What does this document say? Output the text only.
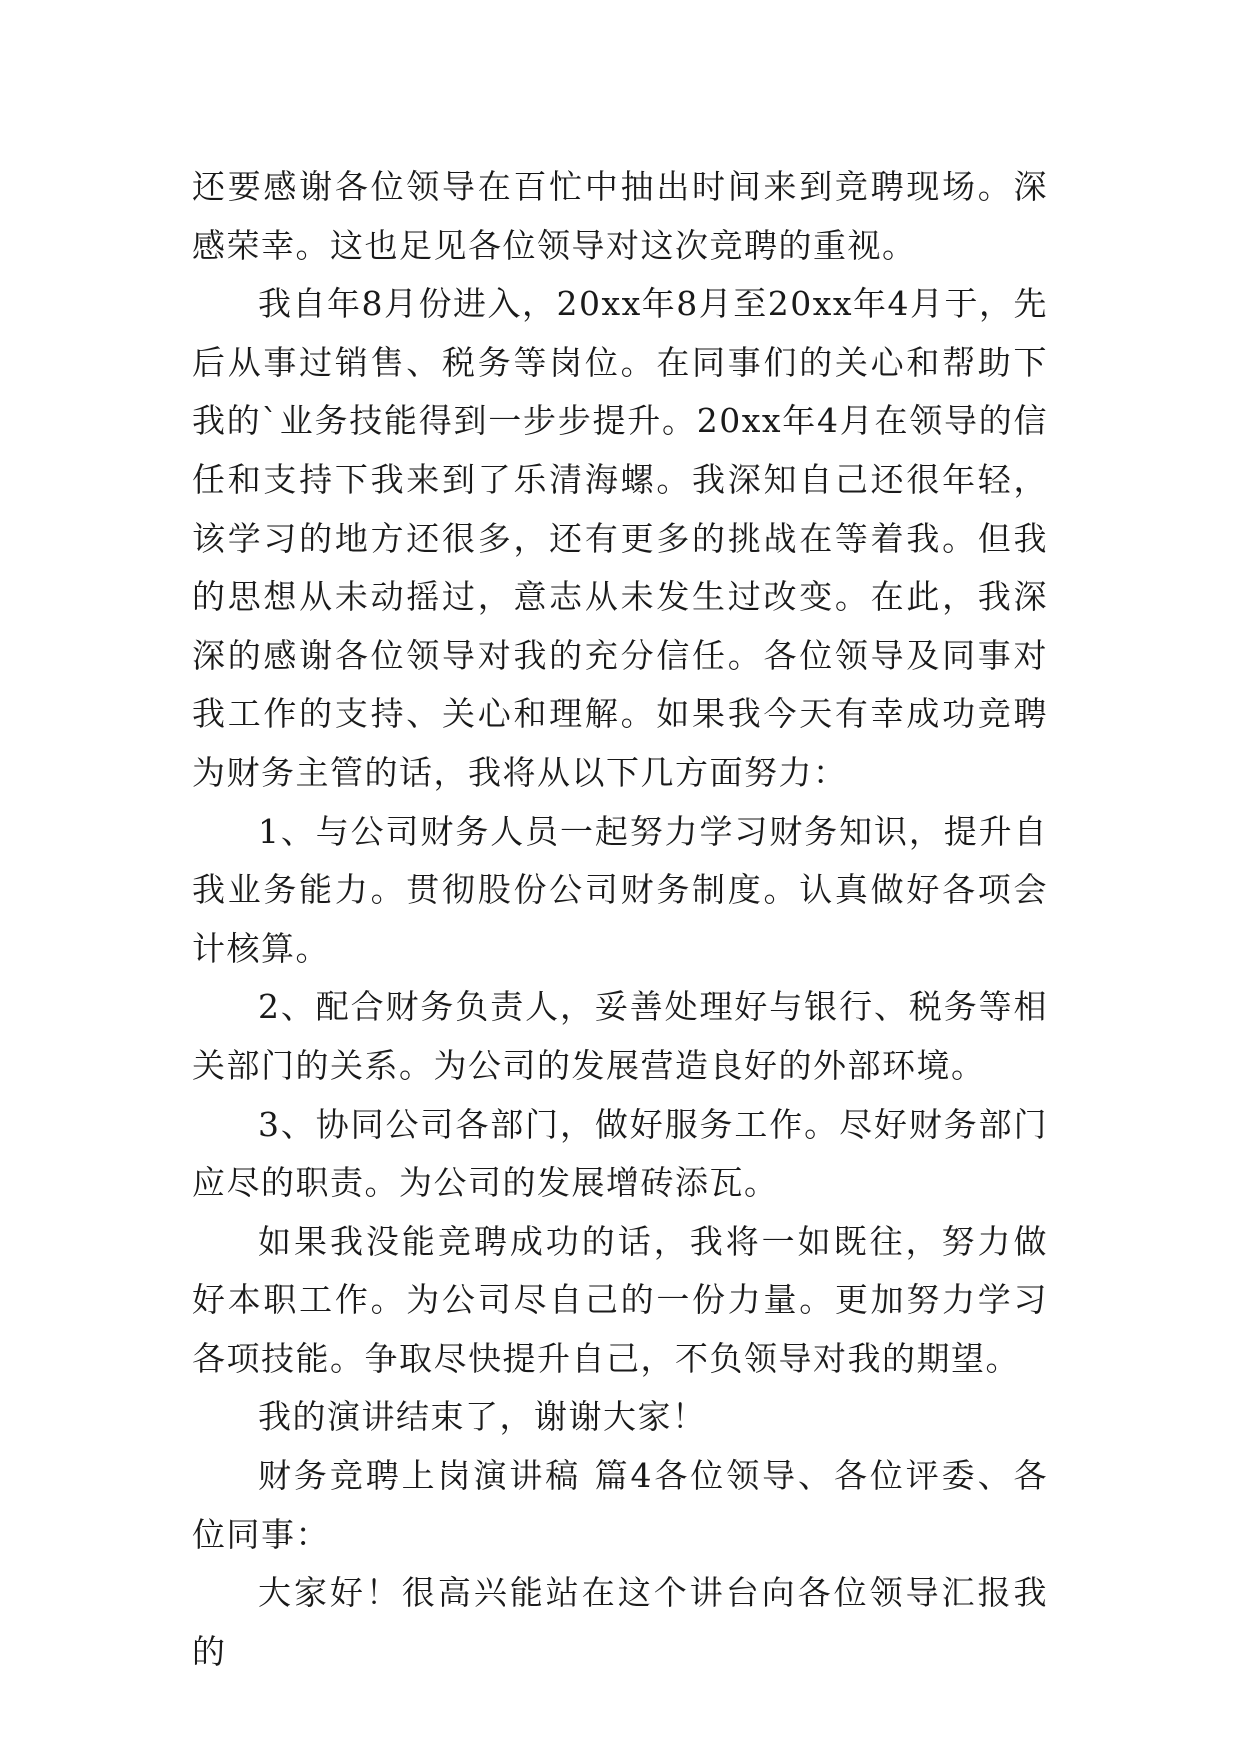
还要感谢各位领导在百忙中抽出时间来到竞聘现场。深感荣幸。这也足见各位领导对这次竞聘的重视。

我自年8月份进入，20xx年8月至20xx年4月于，先后从事过销售、税务等岗位。在同事们的关心和帮助下我的`业务技能得到一步步提升。20xx年4月在领导的信任和支持下我来到了乐清海螺。我深知自己还很年轻，该学习的地方还很多，还有更多的挑战在等着我。但我的思想从未动摇过，意志从未发生过改变。在此，我深深的感谢各位领导对我的充分信任。各位领导及同事对我工作的支持、关心和理解。如果我今天有幸成功竞聘为财务主管的话，我将从以下几方面努力：

1、与公司财务人员一起努力学习财务知识，提升自我业务能力。贯彻股份公司财务制度。认真做好各项会计核算。

2、配合财务负责人，妥善处理好与银行、税务等相关部门的关系。为公司的发展营造良好的外部环境。

3、协同公司各部门，做好服务工作。尽好财务部门应尽的职责。为公司的发展增砖添瓦。

如果我没能竞聘成功的话，我将一如既往，努力做好本职工作。为公司尽自己的一份力量。更加努力学习各项技能。争取尽快提升自己，不负领导对我的期望。

我的演讲结束了，谢谢大家！

财务竞聘上岗演讲稿 篇4各位领导、各位评委、各位同事：

大家好！很高兴能站在这个讲台向各位领导汇报我的
